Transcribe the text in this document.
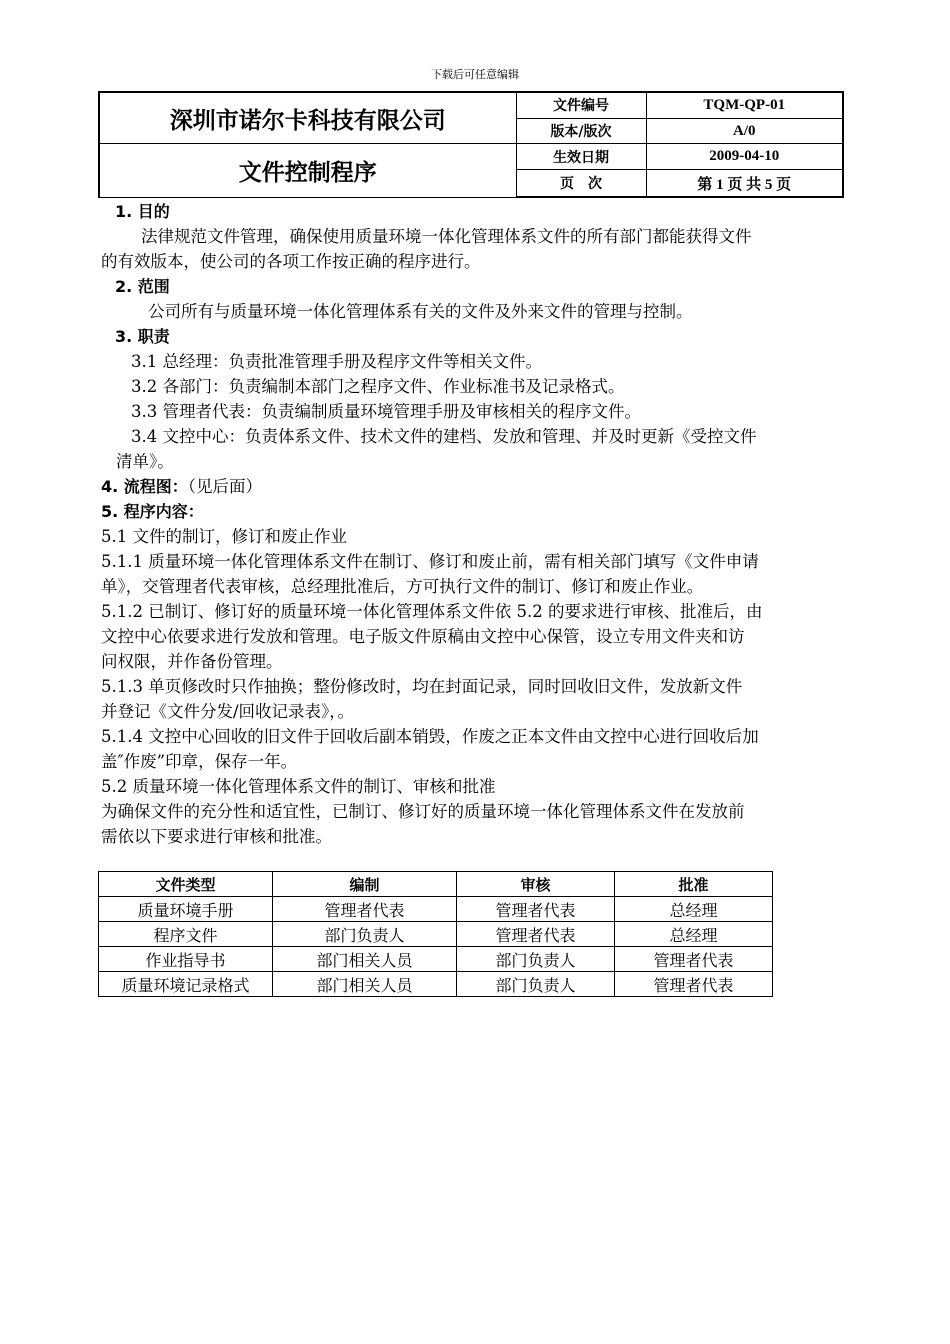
下载后可任意编辑
深圳市诺尔卡科技有限公司	文件编号	TQM-QP-01
	版本/版次	A/0
文件控制程序	生效日期	2009-04-10
	页　次	第 1 页 共 5 页

1. 目的

法律规范文件管理，确保使用质量环境一体化管理体系文件的所有部门都能获得文件

的有效版本，使公司的各项工作按正确的程序进行。

2. 范围

公司所有与质量环境一体化管理体系有关的文件及外来文件的管理与控制。

3. 职责

3.1 总经理：负责批准管理手册及程序文件等相关文件。

3.2 各部门：负责编制本部门之程序文件、作业标准书及记录格式。

3.3 管理者代表：负责编制质量环境管理手册及审核相关的程序文件。

3.4 文控中心：负责体系文件、技术文件的建档、发放和管理、并及时更新《受控文件

清单》。

4. 流程图：（见后面）

5. 程序内容：

5.1 文件的制订，修订和废止作业

5.1.1 质量环境一体化管理体系文件在制订、修订和废止前，需有相关部门填写《文件申请

单》，交管理者代表审核，总经理批准后，方可执行文件的制订、修订和废止作业。

5.1.2 已制订、修订好的质量环境一体化管理体系文件依 5.2 的要求进行审核、批准后，由

文控中心依要求进行发放和管理。电子版文件原稿由文控中心保管，设立专用文件夹和访

问权限，并作备份管理。

5.1.3 单页修改时只作抽换；整份修改时，均在封面记录，同时回收旧文件，发放新文件

并登记《文件分发/回收记录表》，。

5.1.4 文控中心回收的旧文件于回收后副本销毁，作废之正本文件由文控中心进行回收后加

盖″作废”印章，保存一年。

5.2 质量环境一体化管理体系文件的制订、审核和批准

为确保文件的充分性和适宜性，已制订、修订好的质量环境一体化管理体系文件在发放前

需依以下要求进行审核和批准。

文件类型	编制	审核	批准
质量环境手册	管理者代表	管理者代表	总经理
程序文件	部门负责人	管理者代表	总经理
作业指导书	部门相关人员	部门负责人	管理者代表
质量环境记录格式	部门相关人员	部门负责人	管理者代表
